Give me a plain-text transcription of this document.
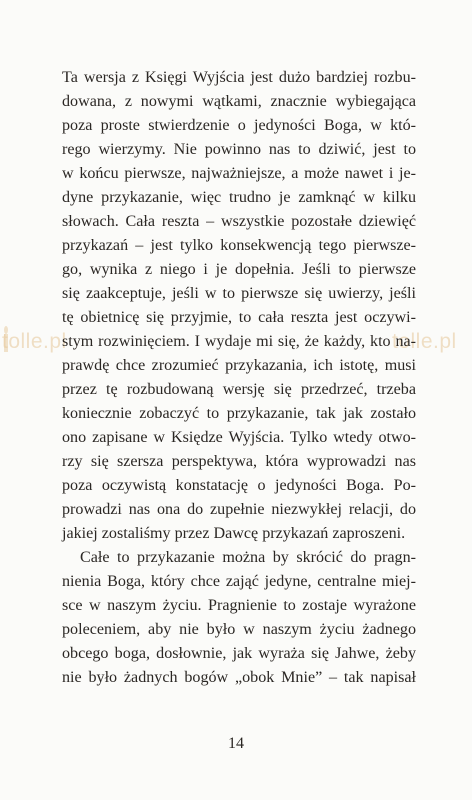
tolle.pl	tolle.pl
Ta wersja z Księgi Wyjścia jest dużo bardziej rozbu-
dowana, z nowymi wątkami, znacznie wybiegająca
poza proste stwierdzenie o jedyności Boga, w któ-
rego wierzymy. Nie powinno nas to dziwić, jest to
w końcu pierwsze, najważniejsze, a może nawet i je-
dyne przykazanie, więc trudno je zamknąć w kilku
słowach. Cała reszta – wszystkie pozostałe dziewięć
przykazań – jest tylko konsekwencją tego pierwsze-
go, wynika z niego i je dopełnia. Jeśli to pierwsze
się zaakceptuje, jeśli w to pierwsze się uwierzy, jeśli
tę obietnicę się przyjmie, to cała reszta jest oczywi-
stym rozwinięciem. I wydaje mi się, że każdy, kto na-
prawdę chce zrozumieć przykazania, ich istotę, musi
przez tę rozbudowaną wersję się przedrzeć, trzeba
koniecznie zobaczyć to przykazanie, tak jak zostało
ono zapisane w Księdze Wyjścia. Tylko wtedy otwo-
rzy się szersza perspektywa, która wyprowadzi nas
poza oczywistą konstatację o jedyności Boga. Po-
prowadzi nas ona do zupełnie niezwykłej relacji, do
jakiej zostaliśmy przez Dawcę przykazań zaproszeni.
Całe to przykazanie można by skrócić do pragn-
nienia Boga, który chce zająć jedyne, centralne miej-
sce w naszym życiu. Pragnienie to zostaje wyrażone
poleceniem, aby nie było w naszym życiu żadnego
obcego boga, dosłownie, jak wyraża się Jahwe, żeby
nie było żadnych bogów „obok Mnie” – tak napisał
14
